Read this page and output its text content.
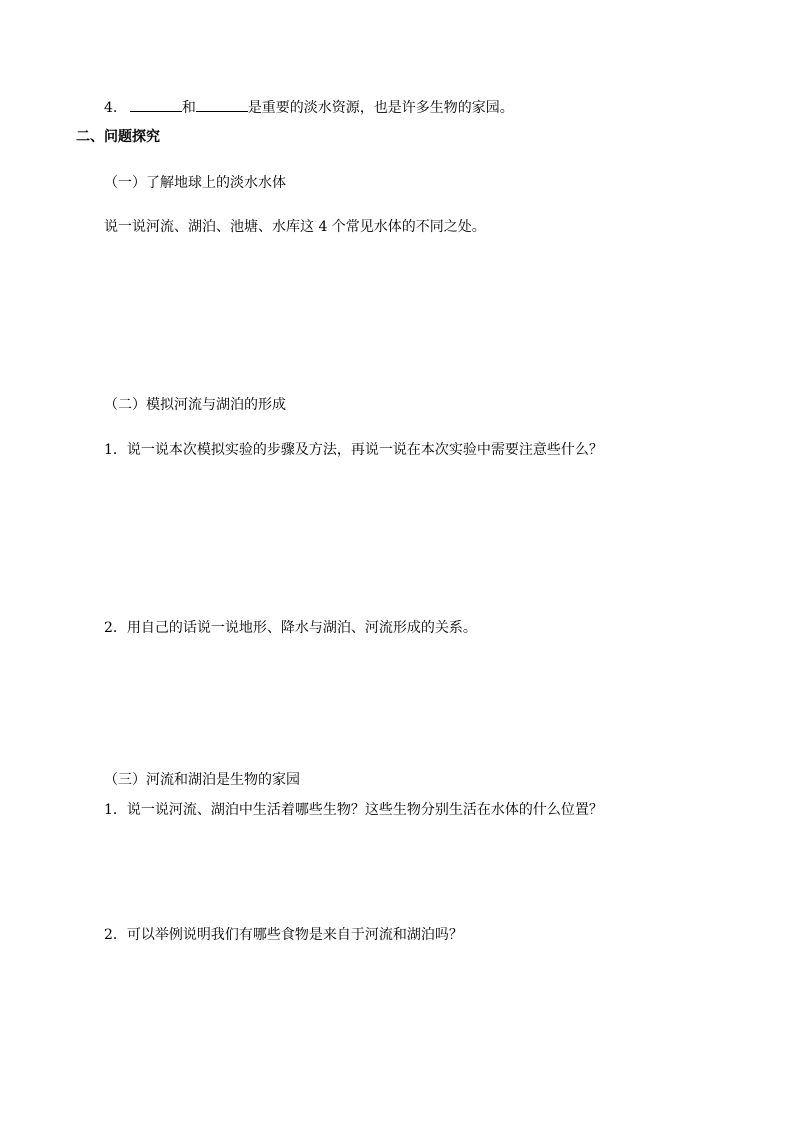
4.	和	是重要的淡水资源，也是许多生物的家园。
二、问题探究
（一）了解地球上的淡水水体
说一说河流、湖泊、池塘、水库这 4 个常见水体的不同之处。
（二）模拟河流与湖泊的形成
1．说一说本次模拟实验的步骤及方法，再说一说在本次实验中需要注意些什么？
2．用自己的话说一说地形、降水与湖泊、河流形成的关系。
（三）河流和湖泊是生物的家园
1．说一说河流、湖泊中生活着哪些生物？这些生物分别生活在水体的什么位置？
2．可以举例说明我们有哪些食物是来自于河流和湖泊吗？
